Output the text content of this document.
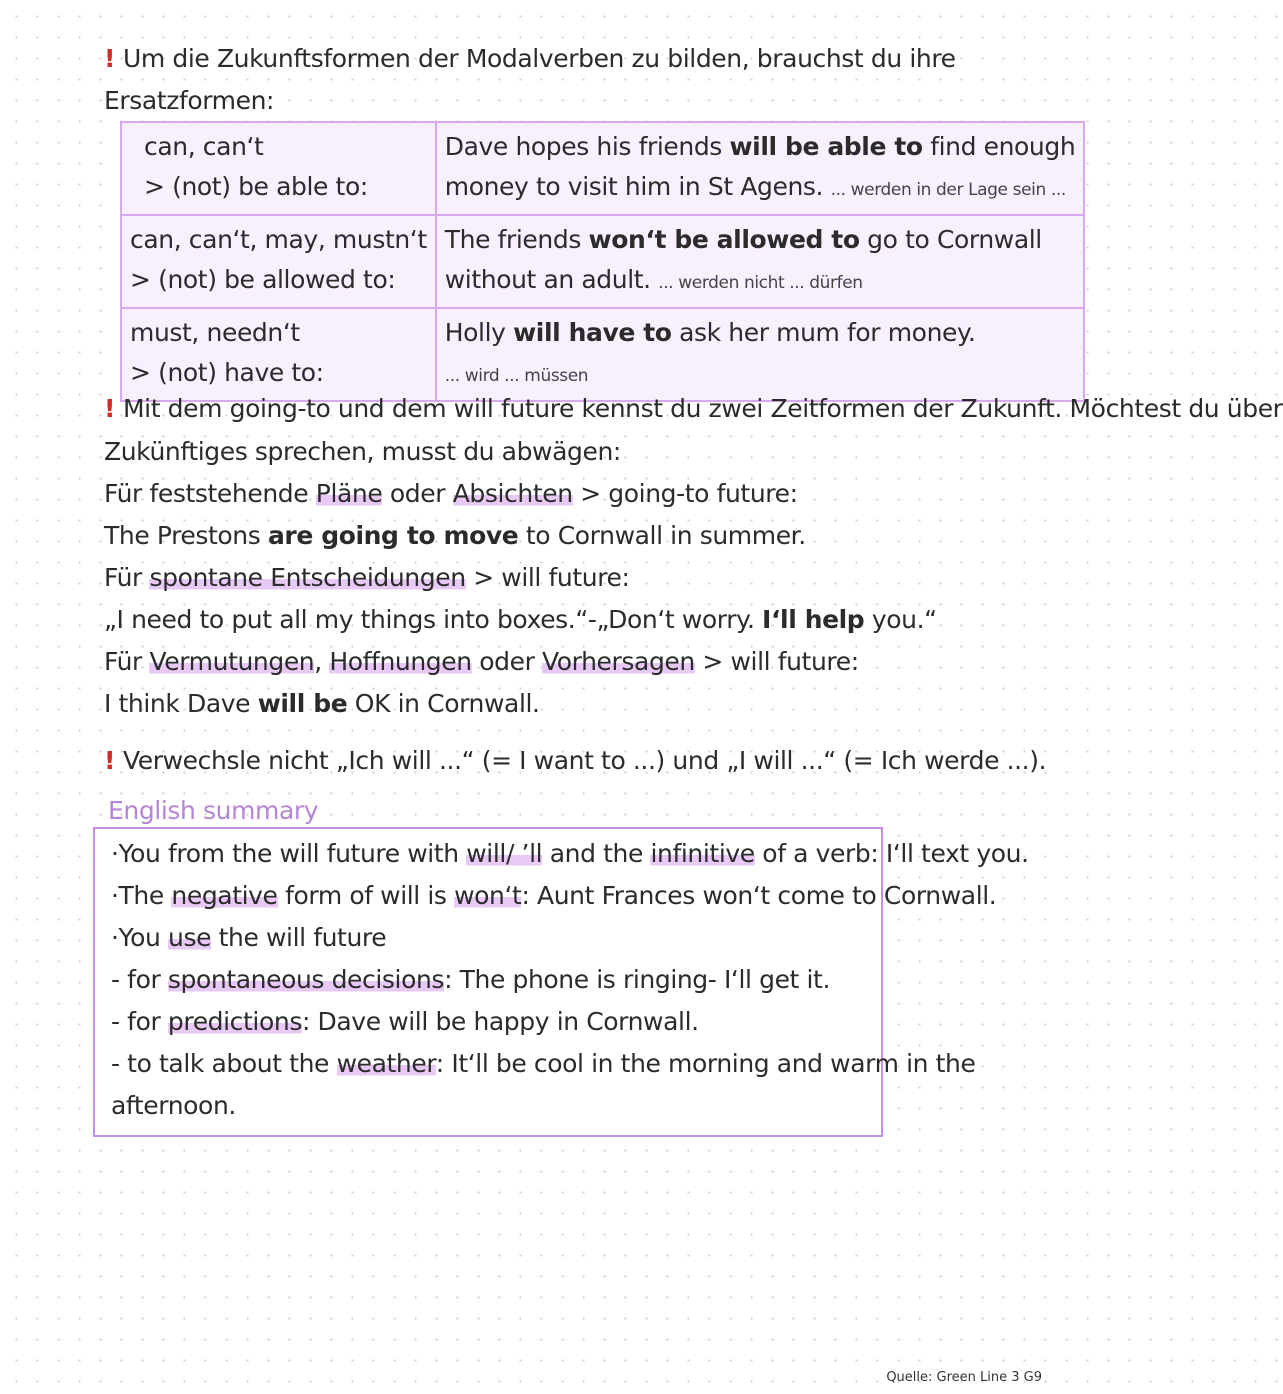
! Um die Zukunftsformen der Modalverben zu bilden, brauchst du ihre
Ersatzformen:
can, can‘t
> (not) be able to:	Dave hopes his friends will be able to find enough
money to visit him in St Agens. ... werden in der Lage sein ...

can, can‘t, may, mustn‘t
> (not) be allowed to:	The friends won‘t be allowed to go to Cornwall
without an adult. ... werden nicht ... dürfen

must, needn‘t
> (not) have to:	Holly will have to ask her mum for money.
... wird ... müssen
! Mit dem going-to und dem will future kennst du zwei Zeitformen der Zukunft. Möchtest du über
Zukünftiges sprechen, musst du abwägen:
Für feststehende Pläne oder Absichten > going-to future:
The Prestons are going to move to Cornwall in summer.
Für spontane Entscheidungen > will future:
„I need to put all my things into boxes.“-„Don‘t worry. I‘ll help you.“
Für Vermutungen, Hoffnungen oder Vorhersagen > will future:
I think Dave will be OK in Cornwall.
! Verwechsle nicht „Ich will ...“ (= I want to ...) und „I will ...“ (= Ich werde ...).
English summary
·You from the will future with will/ ’ll and the infinitive of a verb: I‘ll text you.
·The negative form of will is won‘t: Aunt Frances won‘t come to Cornwall.
·You use the will future
- for spontaneous decisions: The phone is ringing- I‘ll get it.
- for predictions: Dave will be happy in Cornwall.
- to talk about the weather: It‘ll be cool in the morning and warm in the
afternoon.
Quelle: Green Line 3 G9
